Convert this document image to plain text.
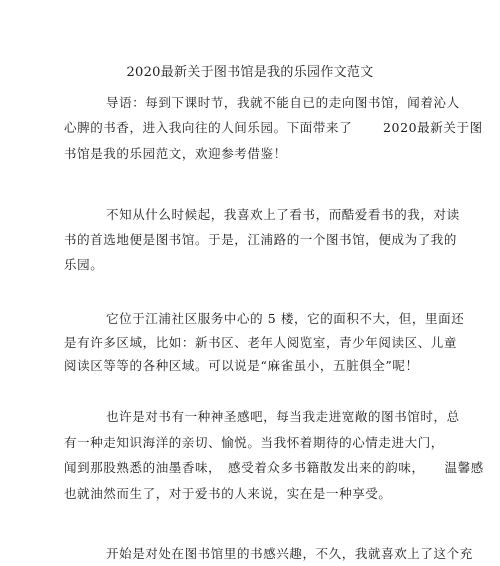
2020最新关于图书馆是我的乐园作文范文
导语：每到下课时节，我就不能自已的走向图书馆，闻着沁人
心脾的书香，进入我向往的人间乐园。下面带来了　　 2020最新关于图
书馆是我的乐园范文，欢迎参考借鉴！
不知从什么时候起，我喜欢上了看书，而酷爱看书的我，对读
书的首选地便是图书馆。于是，江浦路的一个图书馆，便成为了我的
乐园。
它位于江浦社区服务中心的 5 楼，它的面积不大，但，里面还
是有许多区域，比如：新书区、老年人阅览室，青少年阅读区、儿童
阅读区等等的各种区域。可以说是“麻雀虽小，五脏俱全”呢！
也许是对书有一种神圣感吧，每当我走进宽敞的图书馆时，总
有一种走知识海洋的亲切、愉悦。当我怀着期待的心情走进大门，
闻到那股熟悉的油墨香味，　感受着众多书籍散发出来的韵味，　　温馨感
也就油然而生了，对于爱书的人来说，实在是一种享受。
开始是对处在图书馆里的书感兴趣，不久，我就喜欢上了这个充
